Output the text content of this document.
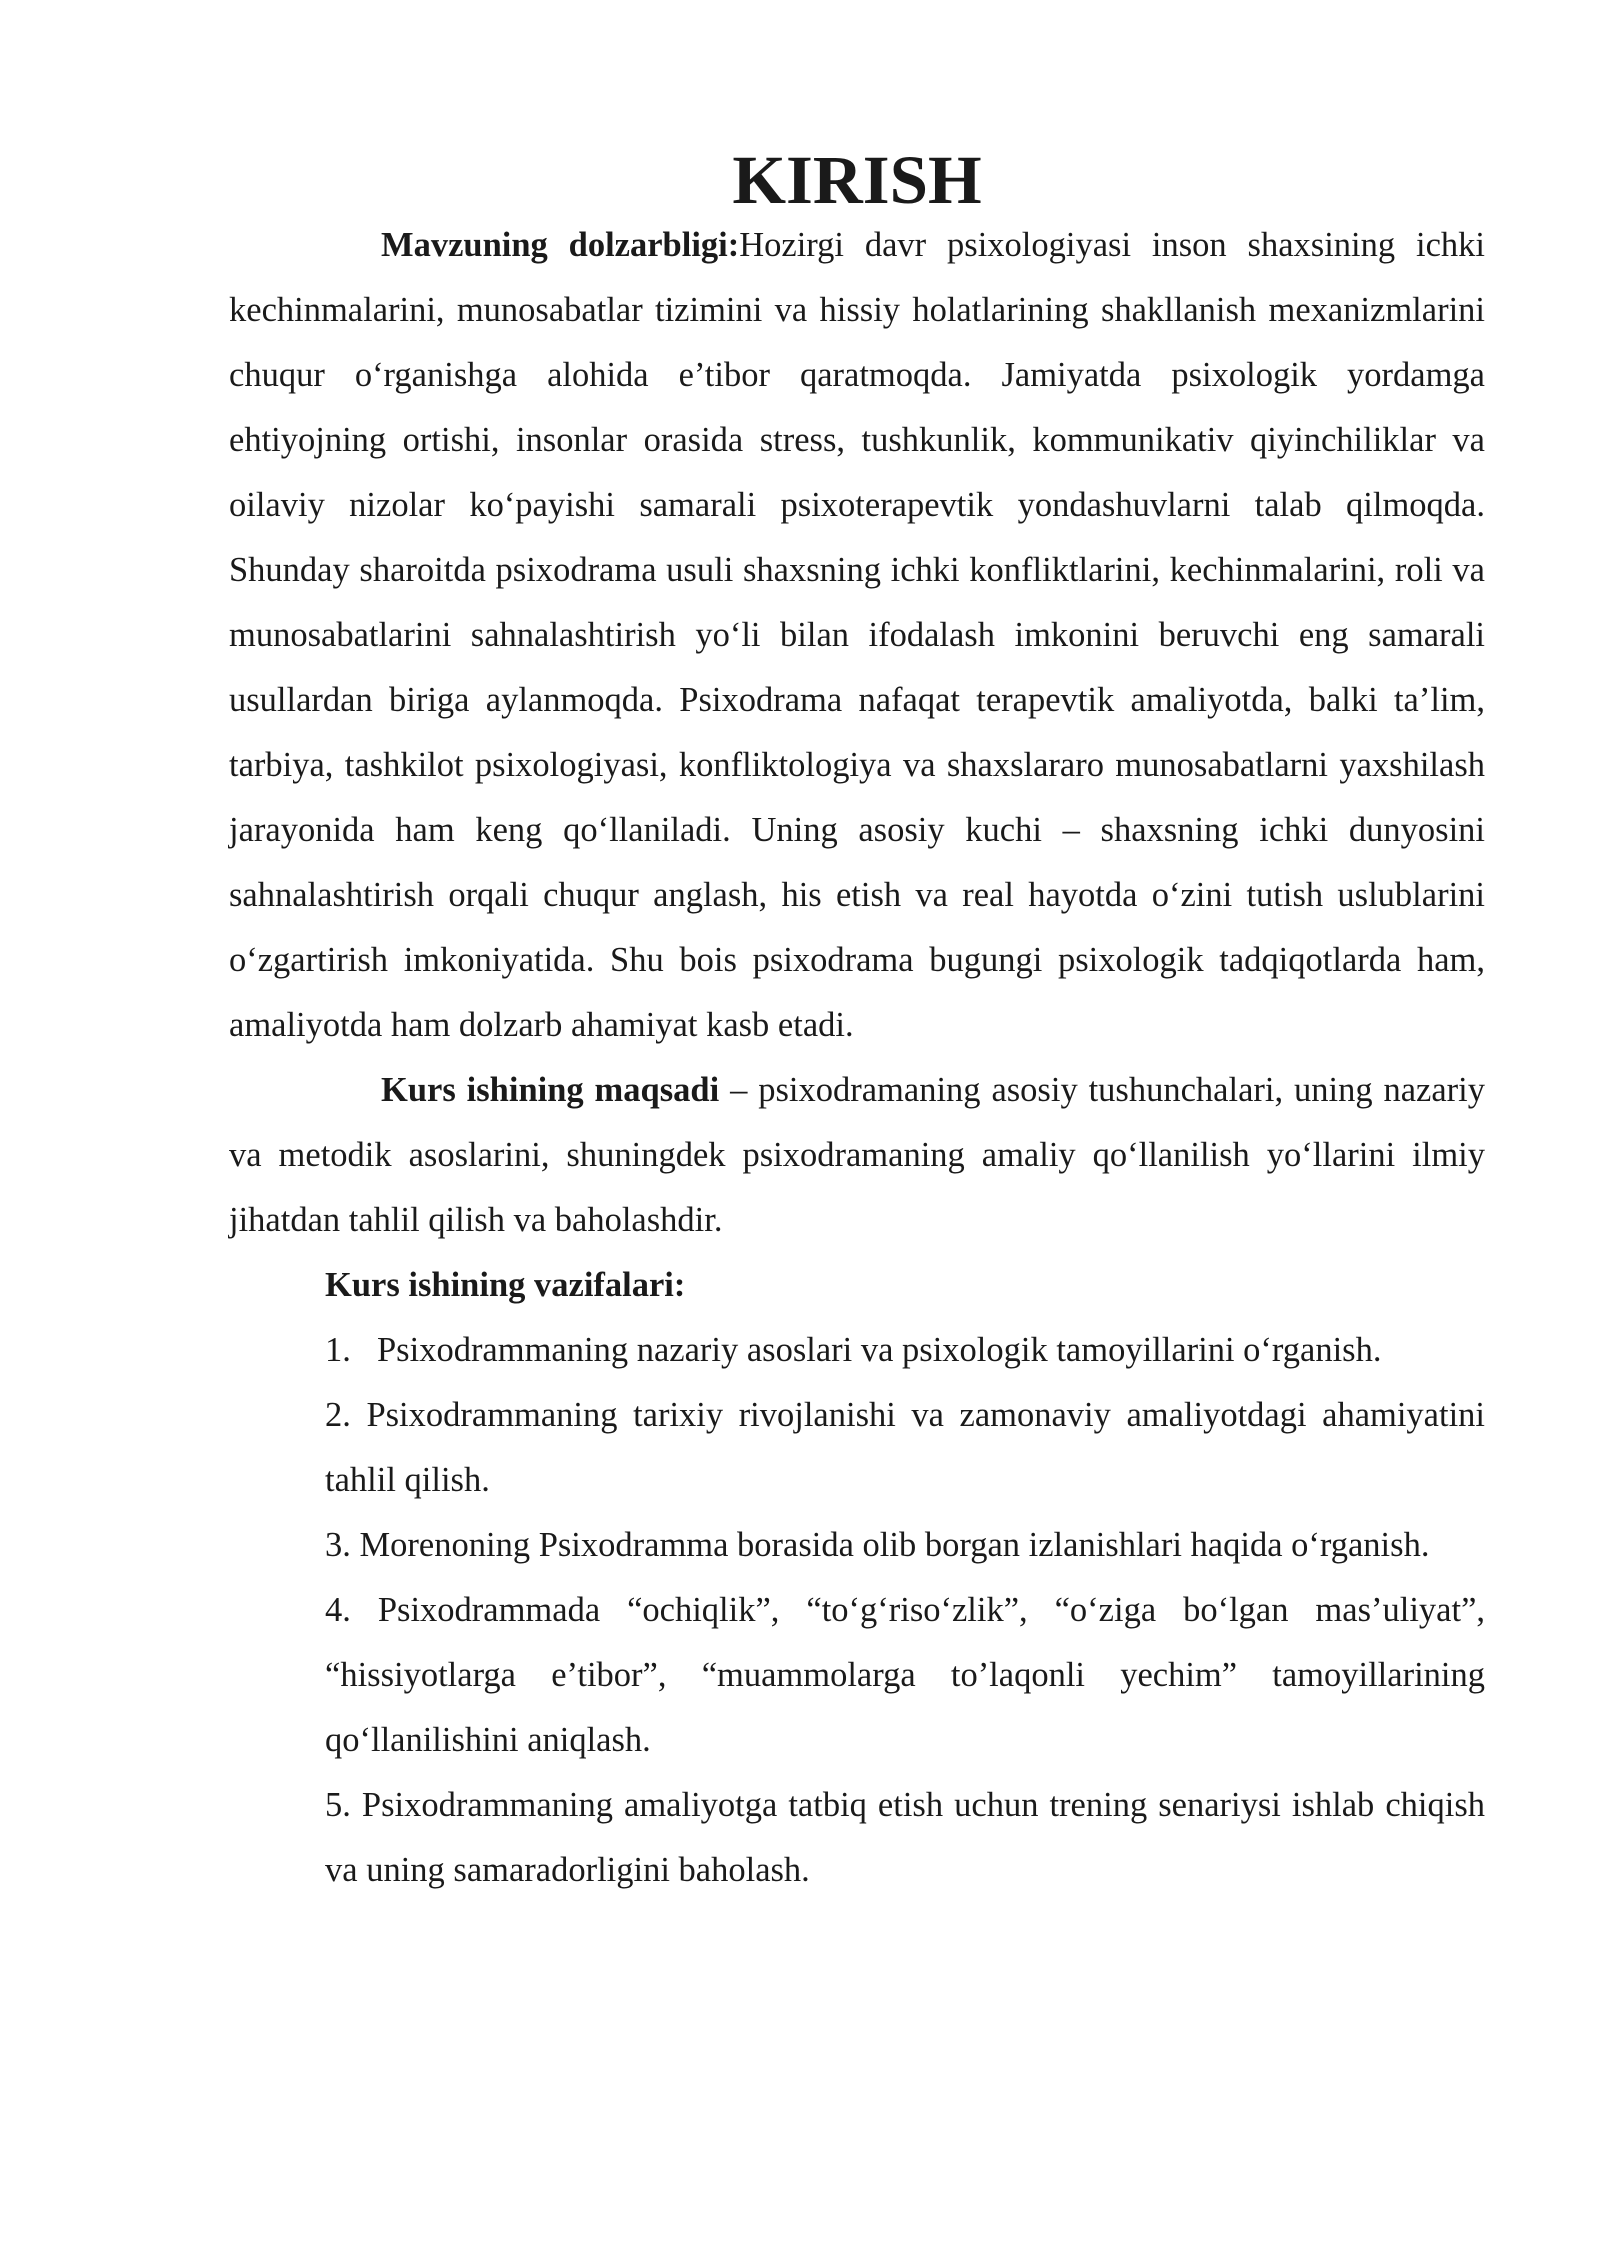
KIRISH

Mavzuning dolzarbligi:Hozirgi davr psixologiyasi inson shaxsining ichki kechinmalarini, munosabatlar tizimini va hissiy holatlarining shakllanish mexanizmlarini chuqur o‘rganishga alohida e’tibor qaratmoqda. Jamiyatda psixologik yordamga ehtiyojning ortishi, insonlar orasida stress, tushkunlik, kommunikativ qiyinchiliklar va oilaviy nizolar ko‘payishi samarali psixoterapevtik yondashuvlarni talab qilmoqda. Shunday sharoitda psixodrama usuli shaxsning ichki konfliktlarini, kechinmalarini, roli va munosabatlarini sahnalashtirish yo‘li bilan ifodalash imkonini beruvchi eng samarali usullardan biriga aylanmoqda. Psixodrama nafaqat terapevtik amaliyotda, balki ta’lim, tarbiya, tashkilot psixologiyasi, konfliktologiya va shaxslararo munosabatlarni yaxshilash jarayonida ham keng qo‘llaniladi. Uning asosiy kuchi – shaxsning ichki dunyosini sahnalashtirish orqali chuqur anglash, his etish va real hayotda o‘zini tutish uslublarini o‘zgartirish imkoniyatida. Shu bois psixodrama bugungi psixologik tadqiqotlarda ham, amaliyotda ham dolzarb ahamiyat kasb etadi.

Kurs ishining maqsadi – psixodramaning asosiy tushunchalari, uning nazariy va metodik asoslarini, shuningdek psixodramaning amaliy qo‘llanilish yo‘llarini ilmiy jihatdan tahlil qilish va baholashdir.

Kurs ishining vazifalari:

1. Psixodrammaning nazariy asoslari va psixologik tamoyillarini o‘rganish.

2. Psixodrammaning tarixiy rivojlanishi va zamonaviy amaliyotdagi ahamiyatini tahlil qilish.

3. Morenoning Psixodramma borasida olib borgan izlanishlari haqida o‘rganish.

4. Psixodrammada “ochiqlik”, “to‘g‘riso‘zlik”, “o‘ziga bo‘lgan mas’uliyat”, “hissiyotlarga e’tibor”, “muammolarga to’laqonli yechim” tamoyillarining qo‘llanilishini aniqlash.

5. Psixodrammaning amaliyotga tatbiq etish uchun trening senariysi ishlab chiqish va uning samaradorligini baholash.
